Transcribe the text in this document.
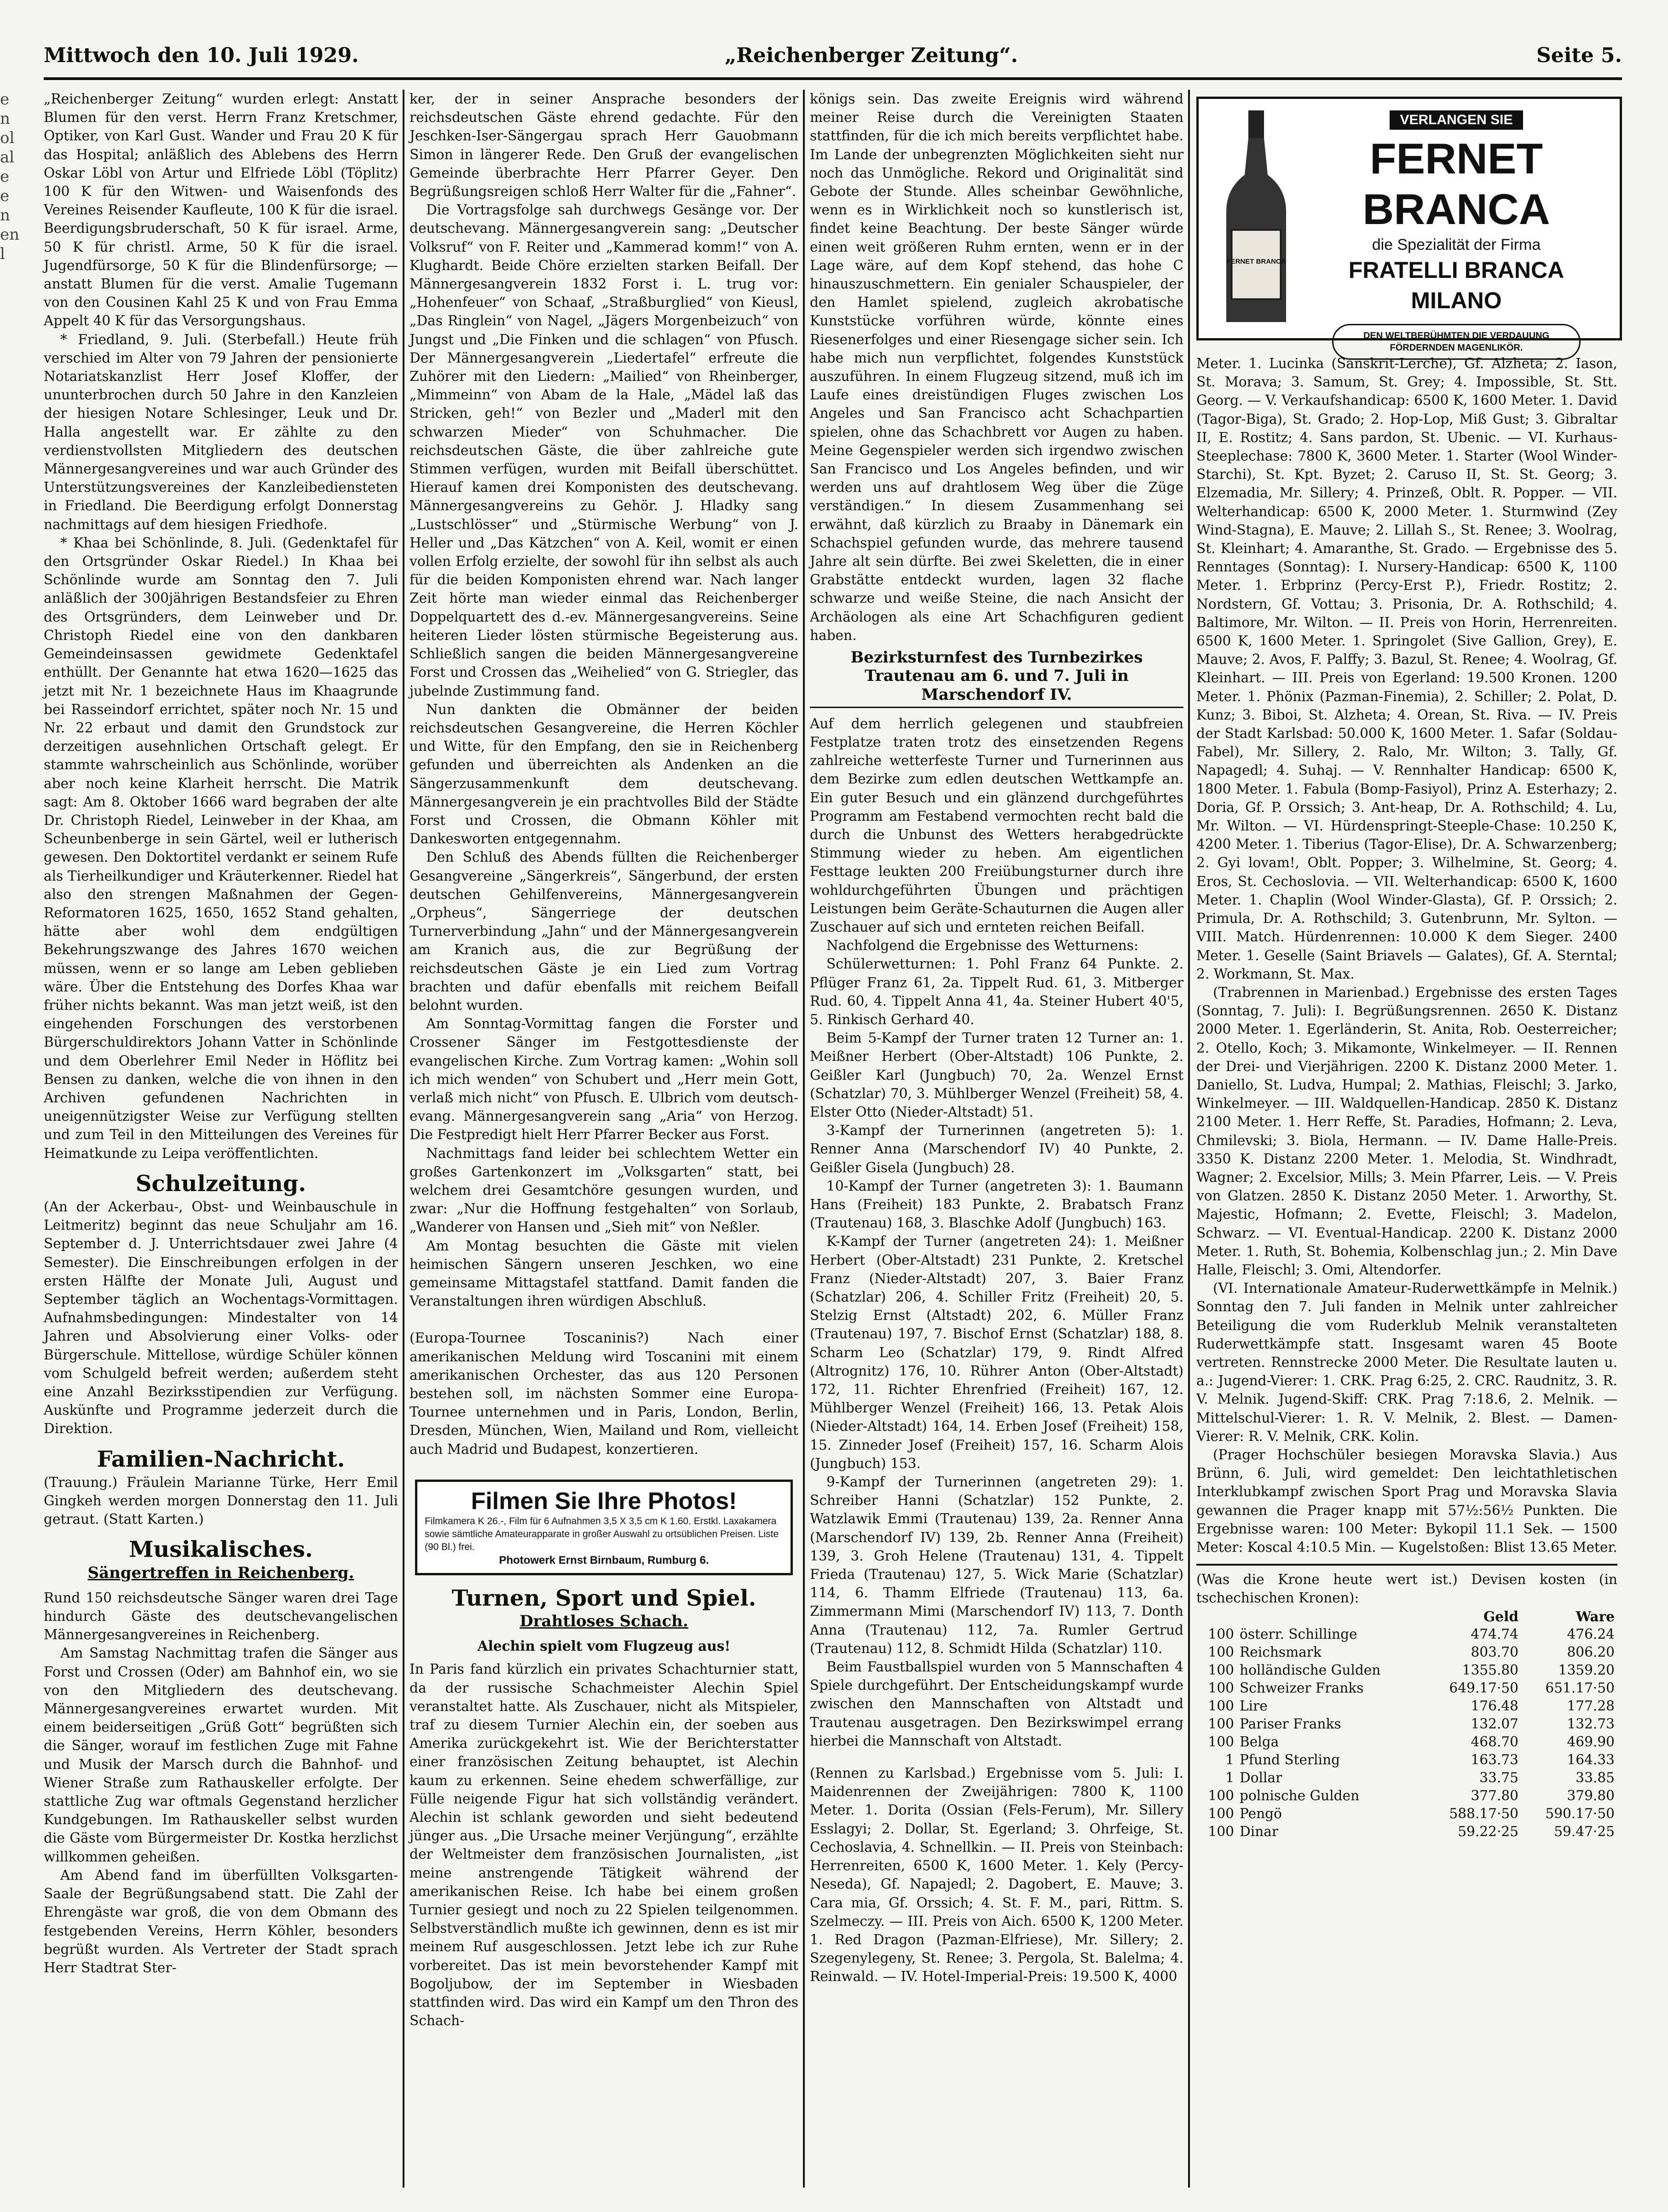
e
n
ol
al
e
e
n
en
l
Mittwoch den 10. Juli 1929.	„Reichenberger Zeitung“.	Seite 5.

„Reichenberger Zeitung“ wurden erlegt: Anstatt Blumen für den verst. Herrn Franz Kretschmer, Optiker, von Karl Gust. Wander und Frau 20 K für das Hospital; anläßlich des Ablebens des Herrn Oskar Löbl von Artur und Elfriede Löbl (Töplitz) 100 K für den Witwen- und Waisenfonds des Vereines Reisender Kaufleute, 100 K für die israel. Beerdigungsbruderschaft, 50 K für israel. Arme, 50 K für christl. Arme, 50 K für die israel. Jugendfürsorge, 50 K für die Blindenfürsorge; — anstatt Blumen für die verst. Amalie Tugemann von den Cousinen Kahl 25 K und von Frau Emma Appelt 40 K für das Versorgungshaus.

* Friedland, 9. Juli. (Sterbefall.) Heute früh verschied im Alter von 79 Jahren der pensionierte Notariatskanzlist Herr Josef Kloffer, der ununterbrochen durch 50 Jahre in den Kanzleien der hiesigen Notare Schlesinger, Leuk und Dr. Halla angestellt war. Er zählte zu den verdienstvollsten Mitgliedern des deutschen Männergesangvereines und war auch Gründer des Unterstützungsvereines der Kanzleibediensteten in Friedland. Die Beerdigung erfolgt Donnerstag nachmittags auf dem hiesigen Friedhofe.

* Khaa bei Schönlinde, 8. Juli. (Gedenktafel für den Ortsgründer Oskar Riedel.) In Khaa bei Schönlinde wurde am Sonntag den 7. Juli anläßlich der 300jährigen Bestandsfeier zu Ehren des Ortsgründers, dem Leinweber und Dr. Christoph Riedel eine von den dankbaren Gemeindeinsassen gewidmete Gedenktafel enthüllt. Der Genannte hat etwa 1620—1625 das jetzt mit Nr. 1 bezeichnete Haus im Khaagrunde bei Rasseindorf errichtet, später noch Nr. 15 und Nr. 22 erbaut und damit den Grundstock zur derzeitigen ausehnlichen Ortschaft gelegt. Er stammte wahrscheinlich aus Schönlinde, worüber aber noch keine Klarheit herrscht. Die Matrik sagt: Am 8. Oktober 1666 ward begraben der alte Dr. Christoph Riedel, Leinweber in der Khaa, am Scheunbenberge in sein Gärtel, weil er lutherisch gewesen. Den Doktortitel verdankt er seinem Rufe als Tierheilkundiger und Kräuterkenner. Riedel hat also den strengen Maßnahmen der Gegen-Reformatoren 1625, 1650, 1652 Stand gehalten, hätte aber wohl dem endgültigen Bekehrungszwange des Jahres 1670 weichen müssen, wenn er so lange am Leben geblieben wäre. Über die Entstehung des Dorfes Khaa war früher nichts bekannt. Was man jetzt weiß, ist den eingehenden Forschungen des verstorbenen Bürgerschuldirektors Johann Vatter in Schönlinde und dem Oberlehrer Emil Neder in Höflitz bei Bensen zu danken, welche die von ihnen in den Archiven gefundenen Nachrichten in uneigennützigster Weise zur Verfügung stellten und zum Teil in den Mitteilungen des Vereines für Heimatkunde zu Leipa veröffentlichten.

Schulzeitung.

(An der Ackerbau-, Obst- und Weinbauschule in Leitmeritz) beginnt das neue Schuljahr am 16. September d. J. Unterrichtsdauer zwei Jahre (4 Semester). Die Einschreibungen erfolgen in der ersten Hälfte der Monate Juli, August und September täglich an Wochentags-Vormittagen. Aufnahmsbedingungen: Mindestalter von 14 Jahren und Absolvierung einer Volks- oder Bürgerschule. Mittellose, würdige Schüler können vom Schulgeld befreit werden; außerdem steht eine Anzahl Bezirksstipendien zur Verfügung. Auskünfte und Programme jederzeit durch die Direktion.

Familien-Nachricht.

(Trauung.) Fräulein Marianne Türke, Herr Emil Gingkeh werden morgen Donnerstag den 11. Juli getraut. (Statt Karten.)

Musikalisches.
Sängertreffen in Reichenberg.

Rund 150 reichsdeutsche Sänger waren drei Tage hindurch Gäste des deutschevangelischen Männergesangvereines in Reichenberg.

Am Samstag Nachmittag trafen die Sänger aus Forst und Crossen (Oder) am Bahnhof ein, wo sie von den Mitgliedern des deutschevang. Männergesangvereines erwartet wurden. Mit einem beiderseitigen „Grüß Gott“ begrüßten sich die Sänger, worauf im festlichen Zuge mit Fahne und Musik der Marsch durch die Bahnhof- und Wiener Straße zum Rathauskeller erfolgte. Der stattliche Zug war oftmals Gegenstand herzlicher Kundgebungen. Im Rathauskeller selbst wurden die Gäste vom Bürgermeister Dr. Kostka herzlichst willkommen geheißen.

Am Abend fand im überfüllten Volksgarten-Saale der Begrüßungsabend statt. Die Zahl der Ehrengäste war groß, die von dem Obmann des festgebenden Vereins, Herrn Köhler, besonders begrüßt wurden. Als Vertreter der Stadt sprach Herr Stadtrat Ster-

ker, der in seiner Ansprache besonders der reichsdeutschen Gäste ehrend gedachte. Für den Jeschken-Iser-Sängergau sprach Herr Gauobmann Simon in längerer Rede. Den Gruß der evangelischen Gemeinde überbrachte Herr Pfarrer Geyer. Den Begrüßungsreigen schloß Herr Walter für die „Fahner“.

Die Vortragsfolge sah durchwegs Gesänge vor. Der deutschevang. Männergesangverein sang: „Deutscher Volksruf“ von F. Reiter und „Kammerad komm!“ von A. Klughardt. Beide Chöre erzielten starken Beifall. Der Männergesangverein 1832 Forst i. L. trug vor: „Hohenfeuer“ von Schaaf, „Straßburglied“ von Kieusl, „Das Ringlein“ von Nagel, „Jägers Morgenbeizuch“ von Jungst und „Die Finken und die schlagen“ von Pfusch. Der Männergesangverein „Liedertafel“ erfreute die Zuhörer mit den Liedern: „Mailied“ von Rheinberger, „Mimmeinn“ von Abam de la Hale, „Mädel laß das Stricken, geh!“ von Bezler und „Maderl mit den schwarzen Mieder“ von Schuhmacher. Die reichsdeutschen Gäste, die über zahlreiche gute Stimmen verfügen, wurden mit Beifall überschüttet. Hierauf kamen drei Komponisten des deutschevang. Männergesangvereins zu Gehör. J. Hladky sang „Lustschlösser“ und „Stürmische Werbung“ von J. Heller und „Das Kätzchen“ von A. Keil, womit er einen vollen Erfolg erzielte, der sowohl für ihn selbst als auch für die beiden Komponisten ehrend war. Nach langer Zeit hörte man wieder einmal das Reichenberger Doppelquartett des d.-ev. Männergesangvereins. Seine heiteren Lieder lösten stürmische Begeisterung aus. Schließlich sangen die beiden Männergesangvereine Forst und Crossen das „Weihelied“ von G. Striegler, das jubelnde Zustimmung fand.

Nun dankten die Obmänner der beiden reichsdeutschen Gesangvereine, die Herren Köchler und Witte, für den Empfang, den sie in Reichenberg gefunden und überreichten als Andenken an die Sängerzusammenkunft dem deutschevang. Männergesangverein je ein prachtvolles Bild der Städte Forst und Crossen, die Obmann Köhler mit Dankesworten entgegennahm.

Den Schluß des Abends füllten die Reichenberger Gesangvereine „Sängerkreis“, Sängerbund, der ersten deutschen Gehilfenvereins, Männergesangverein „Orpheus“, Sängerriege der deutschen Turnerverbindung „Jahn“ und der Männergesangverein am Kranich aus, die zur Begrüßung der reichsdeutschen Gäste je ein Lied zum Vortrag brachten und dafür ebenfalls mit reichem Beifall belohnt wurden.

Am Sonntag-Vormittag fangen die Forster und Crossener Sänger im Festgottesdienste der evangelischen Kirche. Zum Vortrag kamen: „Wohin soll ich mich wenden“ von Schubert und „Herr mein Gott, verlaß mich nicht“ von Pfusch. E. Ulbrich vom deutsch-evang. Männergesangverein sang „Aria“ von Herzog. Die Festpredigt hielt Herr Pfarrer Becker aus Forst.

Nachmittags fand leider bei schlechtem Wetter ein großes Gartenkonzert im „Volksgarten“ statt, bei welchem drei Gesamtchöre gesungen wurden, und zwar: „Nur die Hoffnung festgehalten“ von Sorlaub, „Wanderer von Hansen und „Sieh mit“ von Neßler.

Am Montag besuchten die Gäste mit vielen heimischen Sängern unseren Jeschken, wo eine gemeinsame Mittagstafel stattfand. Damit fanden die Veranstaltungen ihren würdigen Abschluß.

(Europa-Tournee Toscaninis?) Nach einer amerikanischen Meldung wird Toscanini mit einem amerikanischen Orchester, das aus 120 Personen bestehen soll, im nächsten Sommer eine Europa-Tournee unternehmen und in Paris, London, Berlin, Dresden, München, Wien, Mailand und Rom, vielleicht auch Madrid und Budapest, konzertieren.

Filmen Sie Ihre Photos!
Filmkamera K 26.-, Film für 6 Aufnahmen 3,5 X 3,5 cm K 1.60. Erstkl. Laxakamera sowie sämtliche Amateurapparate in großer Auswahl zu ortsüblichen Preisen. Liste (90 Bl.) frei.
Photowerk Ernst Birnbaum, Rumburg 6.
Turnen, Sport und Spiel.
Drahtloses Schach.
Alechin spielt vom Flugzeug aus!

In Paris fand kürzlich ein privates Schachturnier statt, da der russische Schachmeister Alechin Spiel veranstaltet hatte. Als Zuschauer, nicht als Mitspieler, traf zu diesem Turnier Alechin ein, der soeben aus Amerika zurückgekehrt ist. Wie der Berichterstatter einer französischen Zeitung behauptet, ist Alechin kaum zu erkennen. Seine ehedem schwerfällige, zur Fülle neigende Figur hat sich vollständig verändert. Alechin ist schlank geworden und sieht bedeutend jünger aus. „Die Ursache meiner Verjüngung“, erzählte der Weltmeister dem französischen Journalisten, „ist meine anstrengende Tätigkeit während der amerikanischen Reise. Ich habe bei einem großen Turnier gesiegt und noch zu 22 Spielen teilgenommen. Selbstverständlich mußte ich gewinnen, denn es ist mir meinem Ruf ausgeschlossen. Jetzt lebe ich zur Ruhe vorbereitet. Das ist mein bevorstehender Kampf mit Bogoljubow, der im September in Wiesbaden stattfinden wird. Das wird ein Kampf um den Thron des Schach-

königs sein. Das zweite Ereignis wird während meiner Reise durch die Vereinigten Staaten stattfinden, für die ich mich bereits verpflichtet habe. Im Lande der unbegrenzten Möglichkeiten sieht nur noch das Unmögliche. Rekord und Originalität sind Gebote der Stunde. Alles scheinbar Gewöhnliche, wenn es in Wirklichkeit noch so kunstlerisch ist, findet keine Beachtung. Der beste Sänger würde einen weit größeren Ruhm ernten, wenn er in der Lage wäre, auf dem Kopf stehend, das hohe C hinauszuschmettern. Ein genialer Schauspieler, der den Hamlet spielend, zugleich akrobatische Kunststücke vorführen würde, könnte eines Riesenerfolges und einer Riesengage sicher sein. Ich habe mich nun verpflichtet, folgendes Kunststück auszuführen. In einem Flugzeug sitzend, muß ich im Laufe eines dreistündigen Fluges zwischen Los Angeles und San Francisco acht Schachpartien spielen, ohne das Schachbrett vor Augen zu haben. Meine Gegenspieler werden sich irgendwo zwischen San Francisco und Los Angeles befinden, und wir werden uns auf drahtlosem Weg über die Züge verständigen.“ In diesem Zusammenhang sei erwähnt, daß kürzlich zu Braaby in Dänemark ein Schachspiel gefunden wurde, das mehrere tausend Jahre alt sein dürfte. Bei zwei Skeletten, die in einer Grabstätte entdeckt wurden, lagen 32 flache schwarze und weiße Steine, die nach Ansicht der Archäologen als eine Art Schachfiguren gedient haben.

Bezirksturnfest des Turnbezirkes Trautenau am 6. und 7. Juli in Marschendorf IV.

Auf dem herrlich gelegenen und staubfreien Festplatze traten trotz des einsetzenden Regens zahlreiche wetterfeste Turner und Turnerinnen aus dem Bezirke zum edlen deutschen Wettkampfe an. Ein guter Besuch und ein glänzend durchgeführtes Programm am Festabend vermochten recht bald die durch die Unbunst des Wetters herabgedrückte Stimmung wieder zu heben. Am eigentlichen Festtage leukten 200 Freiübungsturner durch ihre wohldurchgeführten Übungen und prächtigen Leistungen beim Geräte-Schauturnen die Augen aller Zuschauer auf sich und ernteten reichen Beifall.

Nachfolgend die Ergebnisse des Wetturnens:

Schülerwetturnen: 1. Pohl Franz 64 Punkte. 2. Pflüger Franz 61, 2a. Tippelt Rud. 61, 3. Mitberger Rud. 60, 4. Tippelt Anna 41, 4a. Steiner Hubert 40'5, 5. Rinkisch Gerhard 40.

Beim 5-Kampf der Turner traten 12 Turner an: 1. Meißner Herbert (Ober-Altstadt) 106 Punkte, 2. Geißler Karl (Jungbuch) 70, 2a. Wenzel Ernst (Schatzlar) 70, 3. Mühlberger Wenzel (Freiheit) 58, 4. Elster Otto (Nieder-Altstadt) 51.

3-Kampf der Turnerinnen (angetreten 5): 1. Renner Anna (Marschendorf IV) 40 Punkte, 2. Geißler Gisela (Jungbuch) 28.

10-Kampf der Turner (angetreten 3): 1. Baumann Hans (Freiheit) 183 Punkte, 2. Brabatsch Franz (Trautenau) 168, 3. Blaschke Adolf (Jungbuch) 163.

K-Kampf der Turner (angetreten 24): 1. Meißner Herbert (Ober-Altstadt) 231 Punkte, 2. Kretschel Franz (Nieder-Altstadt) 207, 3. Baier Franz (Schatzlar) 206, 4. Schiller Fritz (Freiheit) 20, 5. Stelzig Ernst (Altstadt) 202, 6. Müller Franz (Trautenau) 197, 7. Bischof Ernst (Schatzlar) 188, 8. Scharm Leo (Schatzlar) 179, 9. Rindt Alfred (Altrognitz) 176, 10. Rührer Anton (Ober-Altstadt) 172, 11. Richter Ehrenfried (Freiheit) 167, 12. Mühlberger Wenzel (Freiheit) 166, 13. Petak Alois (Nieder-Altstadt) 164, 14. Erben Josef (Freiheit) 158, 15. Zinneder Josef (Freiheit) 157, 16. Scharm Alois (Jungbuch) 153.

9-Kampf der Turnerinnen (angetreten 29): 1. Schreiber Hanni (Schatzlar) 152 Punkte, 2. Watzlawik Emmi (Trautenau) 139, 2a. Renner Anna (Marschendorf IV) 139, 2b. Renner Anna (Freiheit) 139, 3. Groh Helene (Trautenau) 131, 4. Tippelt Frieda (Trautenau) 127, 5. Wick Marie (Schatzlar) 114, 6. Thamm Elfriede (Trautenau) 113, 6a. Zimmermann Mimi (Marschendorf IV) 113, 7. Donth Anna (Trautenau) 112, 7a. Rumler Gertrud (Trautenau) 112, 8. Schmidt Hilda (Schatzlar) 110.

Beim Faustballspiel wurden von 5 Mannschaften 4 Spiele durchgeführt. Der Entscheidungskampf wurde zwischen den Mannschaften von Altstadt und Trautenau ausgetragen. Den Bezirkswimpel errang hierbei die Mannschaft von Altstadt.

(Rennen zu Karlsbad.) Ergebnisse vom 5. Juli: I. Maidenrennen der Zweijährigen: 7800 K, 1100 Meter. 1. Dorita (Ossian (Fels-Ferum), Mr. Sillery Esslagyi; 2. Dollar, St. Egerland; 3. Ohrfeige, St. Cechoslavia, 4. Schnellkin. — II. Preis von Steinbach: Herrenreiten, 6500 K, 1600 Meter. 1. Kely (Percy-Neseda), Gf. Napajedl; 2. Dagobert, E. Mauve; 3. Cara mia, Gf. Orssich; 4. St. F. M., pari, Rittm. S. Szelmeczy. — III. Preis von Aich. 6500 K, 1200 Meter. 1. Red Dragon (Pazman-Elfriese), Mr. Sillery; 2. Szegenylegeny, St. Renee; 3. Pergola, St. Balelma; 4. Reinwald. — IV. Hotel-Imperial-Preis: 19.500 K, 4000

FERNET BRANCA
VERLANGEN SIE
FERNET BRANCA
die Spezialität der Firma
FRATELLI BRANCA MILANO
DEN WELTBERÜHMTEN DIE VERDAUUNG FÖRDERNDEN MAGENLIKÖR.

Meter. 1. Lucinka (Sanskrit-Lerche), Gf. Alzheta; 2. Iason, St. Morava; 3. Samum, St. Grey; 4. Impossible, St. Stt. Georg. — V. Verkaufshandicap: 6500 K, 1600 Meter. 1. David (Tagor-Biga), St. Grado; 2. Hop-Lop, Miß Gust; 3. Gibraltar II, E. Rostitz; 4. Sans pardon, St. Ubenic. — VI. Kurhaus-Steeplechase: 7800 K, 3600 Meter. 1. Starter (Wool Winder-Starchi), St. Kpt. Byzet; 2. Caruso II, St. St. Georg; 3. Elzemadia, Mr. Sillery; 4. Prinzeß, Oblt. R. Popper. — VII. Welterhandicap: 6500 K, 2000 Meter. 1. Sturmwind (Zey Wind-Stagna), E. Mauve; 2. Lillah S., St. Renee; 3. Woolrag, St. Kleinhart; 4. Amaranthe, St. Grado. — Ergebnisse des 5. Renntages (Sonntag): I. Nursery-Handicap: 6500 K, 1100 Meter. 1. Erbprinz (Percy-Erst P.), Friedr. Rostitz; 2. Nordstern, Gf. Vottau; 3. Prisonia, Dr. A. Rothschild; 4. Baltimore, Mr. Wilton. — II. Preis von Horin, Herrenreiten. 6500 K, 1600 Meter. 1. Springolet (Sive Gallion, Grey), E. Mauve; 2. Avos, F. Palffy; 3. Bazul, St. Renee; 4. Woolrag, Gf. Kleinhart. — III. Preis von Egerland: 19.500 Kronen. 1200 Meter. 1. Phönix (Pazman-Finemia), 2. Schiller; 2. Polat, D. Kunz; 3. Biboi, St. Alzheta; 4. Orean, St. Riva. — IV. Preis der Stadt Karlsbad: 50.000 K, 1600 Meter. 1. Safar (Soldau-Fabel), Mr. Sillery, 2. Ralo, Mr. Wilton; 3. Tally, Gf. Napagedl; 4. Suhaj. — V. Rennhalter Handicap: 6500 K, 1800 Meter. 1. Fabula (Bomp-Fasiyol), Prinz A. Esterhazy; 2. Doria, Gf. P. Orssich; 3. Ant-heap, Dr. A. Rothschild; 4. Lu, Mr. Wilton. — VI. Hürdenspringt-Steeple-Chase: 10.250 K, 4200 Meter. 1. Tiberius (Tagor-Elise), Dr. A. Schwarzenberg; 2. Gyi lovam!, Oblt. Popper; 3. Wilhelmine, St. Georg; 4. Eros, St. Cechoslovia. — VII. Welterhandicap: 6500 K, 1600 Meter. 1. Chaplin (Wool Winder-Glasta), Gf. P. Orssich; 2. Primula, Dr. A. Rothschild; 3. Gutenbrunn, Mr. Sylton. — VIII. Match. Hürdenrennen: 10.000 K dem Sieger. 2400 Meter. 1. Geselle (Saint Briavels — Galates), Gf. A. Sterntal; 2. Workmann, St. Max.

(Trabrennen in Marienbad.) Ergebnisse des ersten Tages (Sonntag, 7. Juli): I. Begrüßungsrennen. 2650 K. Distanz 2000 Meter. 1. Egerländerin, St. Anita, Rob. Oesterreicher; 2. Otello, Koch; 3. Mikamonte, Winkelmeyer. — II. Rennen der Drei- und Vierjährigen. 2200 K. Distanz 2000 Meter. 1. Daniello, St. Ludva, Humpal; 2. Mathias, Fleischl; 3. Jarko, Winkelmeyer. — III. Waldquellen-Handicap. 2850 K. Distanz 2100 Meter. 1. Herr Reffe, St. Paradies, Hofmann; 2. Leva, Chmilevski; 3. Biola, Hermann. — IV. Dame Halle-Preis. 3350 K. Distanz 2200 Meter. 1. Melodia, St. Windhradt, Wagner; 2. Excelsior, Mills; 3. Mein Pfarrer, Leis. — V. Preis von Glatzen. 2850 K. Distanz 2050 Meter. 1. Arworthy, St. Majestic, Hofmann; 2. Evette, Fleischl; 3. Madelon, Schwarz. — VI. Eventual-Handicap. 2200 K. Distanz 2000 Meter. 1. Ruth, St. Bohemia, Kolbenschlag jun.; 2. Min Dave Halle, Fleischl; 3. Omi, Altendorfer.

(VI. Internationale Amateur-Ruderwettkämpfe in Melnik.) Sonntag den 7. Juli fanden in Melnik unter zahlreicher Beteiligung die vom Ruderklub Melnik veranstalteten Ruderwettkämpfe statt. Insgesamt waren 45 Boote vertreten. Rennstrecke 2000 Meter. Die Resultate lauten u. a.: Jugend-Vierer: 1. CRK. Prag 6:25, 2. CRC. Raudnitz, 3. R. V. Melnik. Jugend-Skiff: CRK. Prag 7:18.6, 2. Melnik. — Mittelschul-Vierer: 1. R. V. Melnik, 2. Blest. — Damen-Vierer: R. V. Melnik, CRK. Kolin.

(Prager Hochschüler besiegen Moravska Slavia.) Aus Brünn, 6. Juli, wird gemeldet: Den leichtathletischen Interklubkampf zwischen Sport Prag und Moravska Slavia gewannen die Prager knapp mit 57½:56½ Punkten. Die Ergebnisse waren: 100 Meter: Bykopil 11.1 Sek. — 1500 Meter: Koscal 4:10.5 Min. — Kugelstoßen: Blist 13.65 Meter.

(Was die Krone heute wert ist.) Devisen kosten (in tschechischen Kronen):

		Geld	Ware
100	österr. Schillinge	474.74	476.24
100	Reichsmark	803.70	806.20
100	holländische Gulden	1355.80	1359.20
100	Schweizer Franks	649.17·50	651.17·50
100	Lire	176.48	177.28
100	Pariser Franks	132.07	132.73
100	Belga	468.70	469.90
1	Pfund Sterling	163.73	164.33
1	Dollar	33.75	33.85
100	polnische Gulden	377.80	379.80
100	Pengö	588.17·50	590.17·50
100	Dinar	59.22·25	59.47·25
